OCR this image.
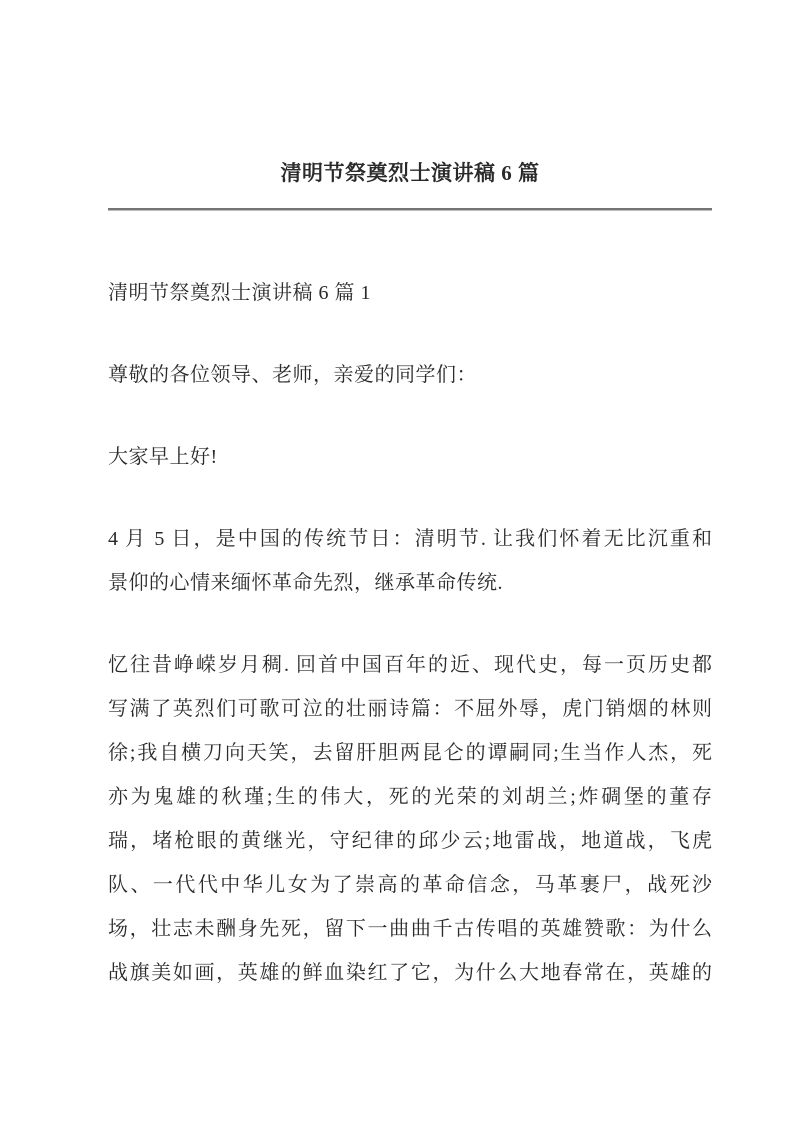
清明节祭奠烈士演讲稿 6 篇

清明节祭奠烈士演讲稿 6 篇 1

尊敬的各位领导、老师，亲爱的同学们：

大家早上好!

4 月 5 日，是中国的传统节日：清明节. 让我们怀着无比沉重和
景仰的心情来缅怀革命先烈，继承革命传统.

忆往昔峥嵘岁月稠. 回首中国百年的近、现代史，每一页历史都
写满了英烈们可歌可泣的壮丽诗篇：不屈外辱，虎门销烟的林则
徐;我自横刀向天笑，去留肝胆两昆仑的谭嗣同;生当作人杰，死
亦为鬼雄的秋瑾;生的伟大，死的光荣的刘胡兰;炸碉堡的董存
瑞，堵枪眼的黄继光，守纪律的邱少云;地雷战，地道战，飞虎
队、一代代中华儿女为了崇高的革命信念，马革裹尸，战死沙
场，壮志未酬身先死，留下一曲曲千古传唱的英雄赞歌：为什么
战旗美如画，英雄的鲜血染红了它，为什么大地春常在，英雄的
